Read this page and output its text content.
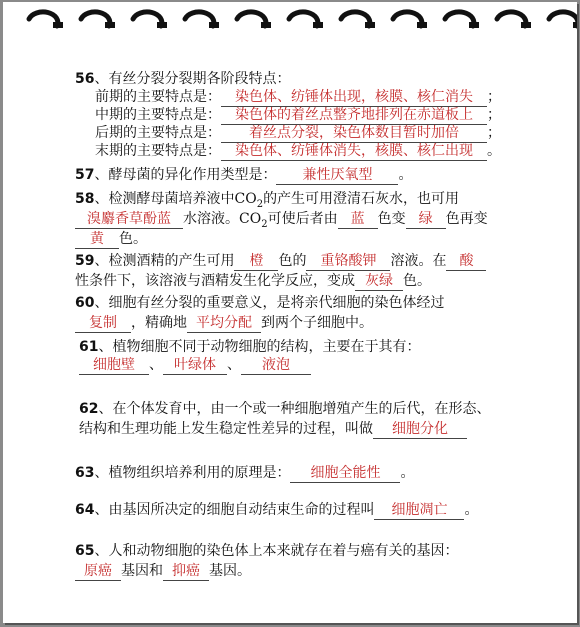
56、有丝分裂分裂期各阶段特点：
前期的主要特点是： 染色体、纺锤体出现，核膜、核仁消失 ；
中期的主要特点是： 染色体的着丝点整齐地排列在赤道板上 ；
后期的主要特点是： 着丝点分裂，染色体数目暂时加倍 ；
末期的主要特点是： 染色体、纺锤体消失，核膜、核仁出现 。
57、酵母菌的异化作用类型是： 兼性厌氧型 。
58、检测酵母菌培养液中$CO_2$的产生可用澄清石灰水，也可用
溴麝香草酚蓝 水溶液。$CO_2$可使后者由 蓝 色变 绿 色再变
黄 色。
59、检测酒精的产生可用 橙 色的 重铬酸钾 溶液。在 酸
性条件下，该溶液与酒精发生化学反应，变成 灰绿 色。
60、细胞有丝分裂的重要意义，是将亲代细胞的染色体经过
复制 ，精确地 平均分配 到两个子细胞中。
61、植物细胞不同于动物细胞的结构，主要在于其有：
细胞壁 、 叶绿体 、 液泡
62、在个体发育中，由一个或一种细胞增殖产生的后代，在形态、
结构和生理功能上发生稳定性差异的过程，叫做 细胞分化
63、植物组织培养利用的原理是： 细胞全能性 。
64、由基因所决定的细胞自动结束生命的过程叫 细胞凋亡 。
65、人和动物细胞的染色体上本来就存在着与癌有关的基因：
原癌 基因和 抑癌 基因。
